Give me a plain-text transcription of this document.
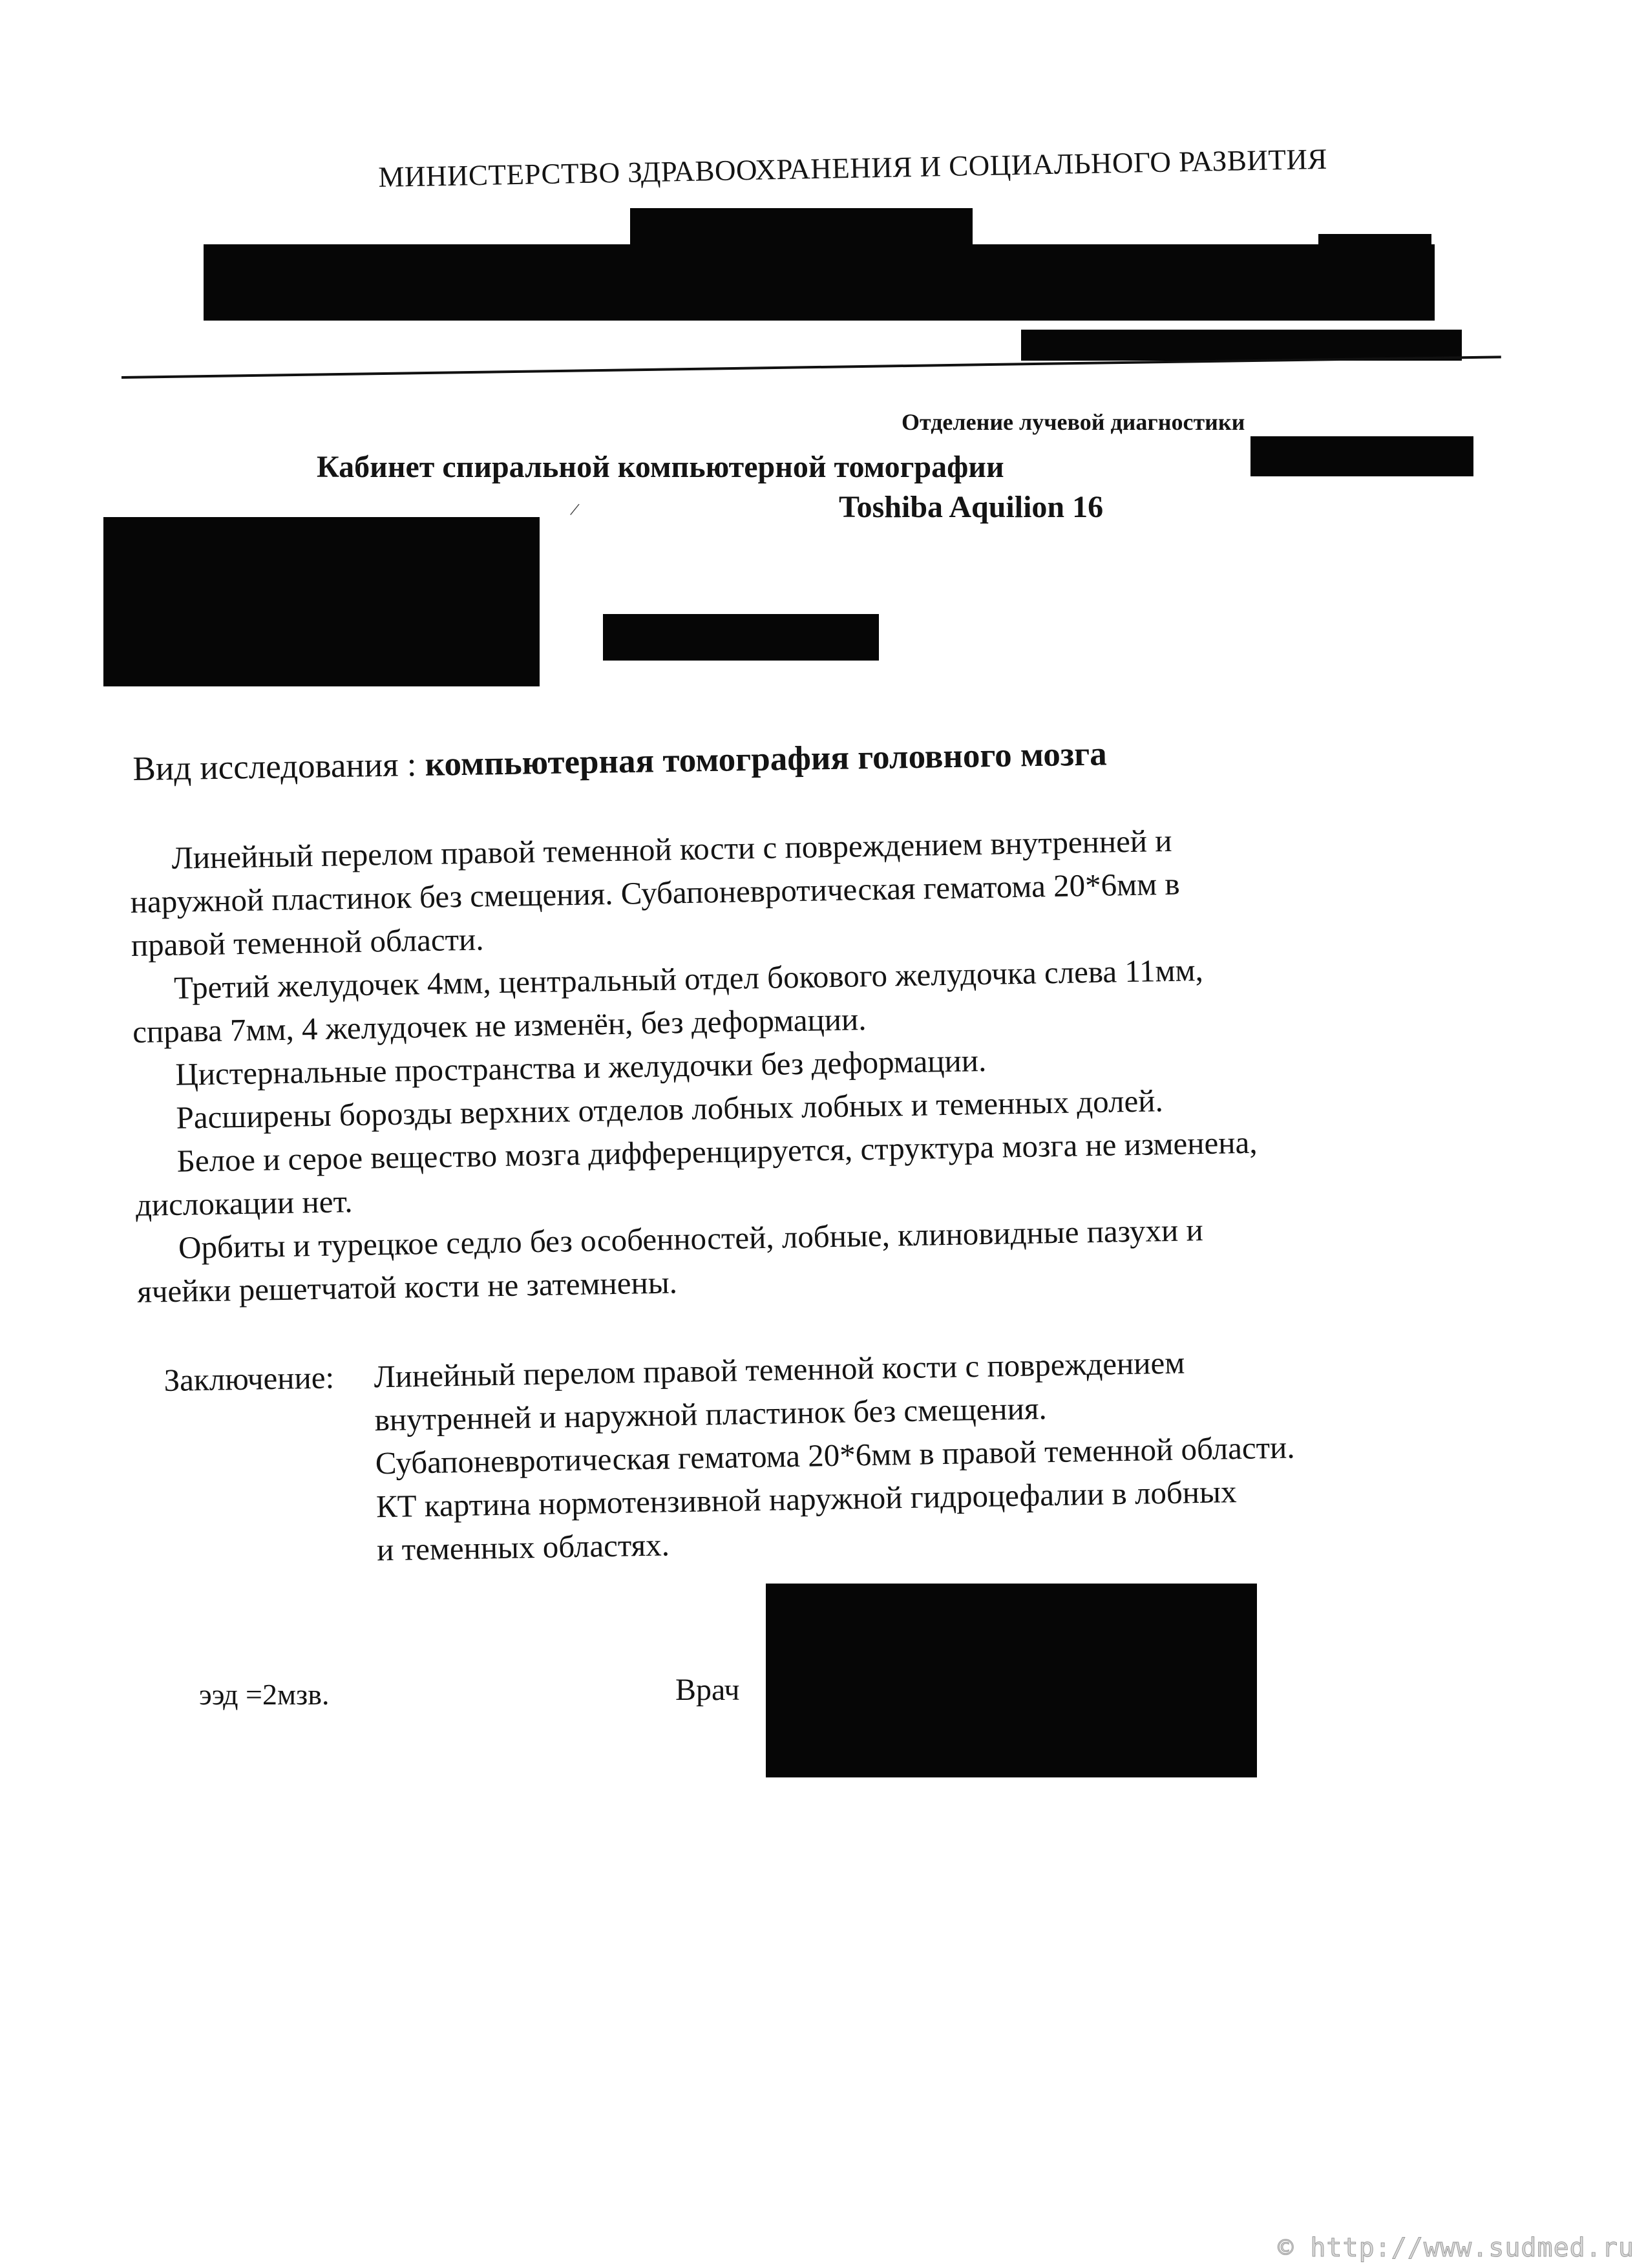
МИНИСТЕРСТВО ЗДРАВООХРАНЕНИЯ И СОЦИАЛЬНОГО РАЗВИТИЯ
Отделение лучевой диагностики
Кабинет спиральной компьютерной томографии
/	Toshiba Aquilion 16
Вид исследования : компьютерная томография головного мозга

Линейный перелом правой теменной кости с повреждением внутренней и

наружной пластинок без смещения. Субапоневротическая гематома 20*6мм в

правой теменной области.

Третий желудочек 4мм, центральный отдел бокового желудочка слева 11мм,

справа 7мм, 4 желудочек не изменён, без деформации.

Цистернальные пространства и желудочки без деформации.

Расширены борозды верхних отделов лобных лобных и теменных долей.

Белое и серое вещество мозга дифференцируется, структура мозга не изменена,

дислокации нет.

Орбиты и турецкое седло без особенностей, лобные, клиновидные пазухи и

ячейки решетчатой кости не затемнены.

Заключение: Линейный перелом правой теменной кости с повреждением
внутренней и наружной пластинок без смещения.
Субапоневротическая гематома 20*6мм в правой теменной области.
КТ картина нормотензивной наружной гидроцефалии в лобных
и теменных областях.
ээд =2мзв.	Врач
© http://www.sudmed.ru
